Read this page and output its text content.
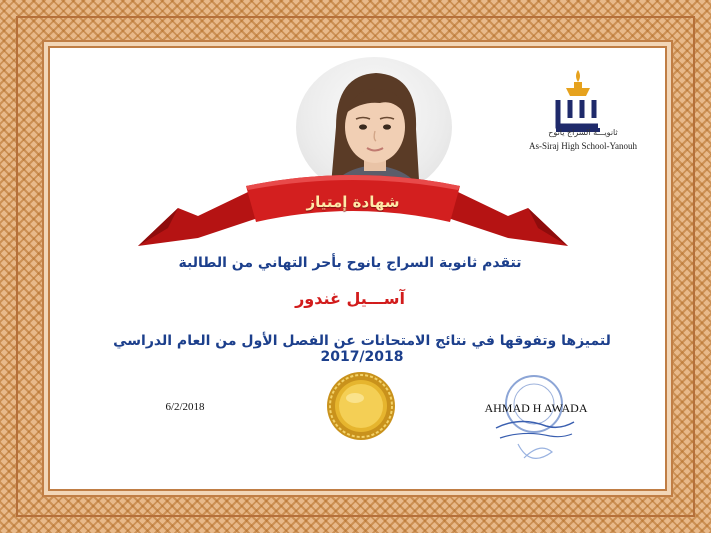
شهادة إمتياز
ثانويـــة السراج يانوح
As-Siraj High School-Yanouh
تتقدم ثانوية السراج يانوح بأحر التهاني من الطالبة
آســـيل غندور
لتميزها وتفوقها في نتائج الامتحانات عن الفصل الأول من العام الدراسي 2017/2018
6/2/2018	AHMAD H AWADA
